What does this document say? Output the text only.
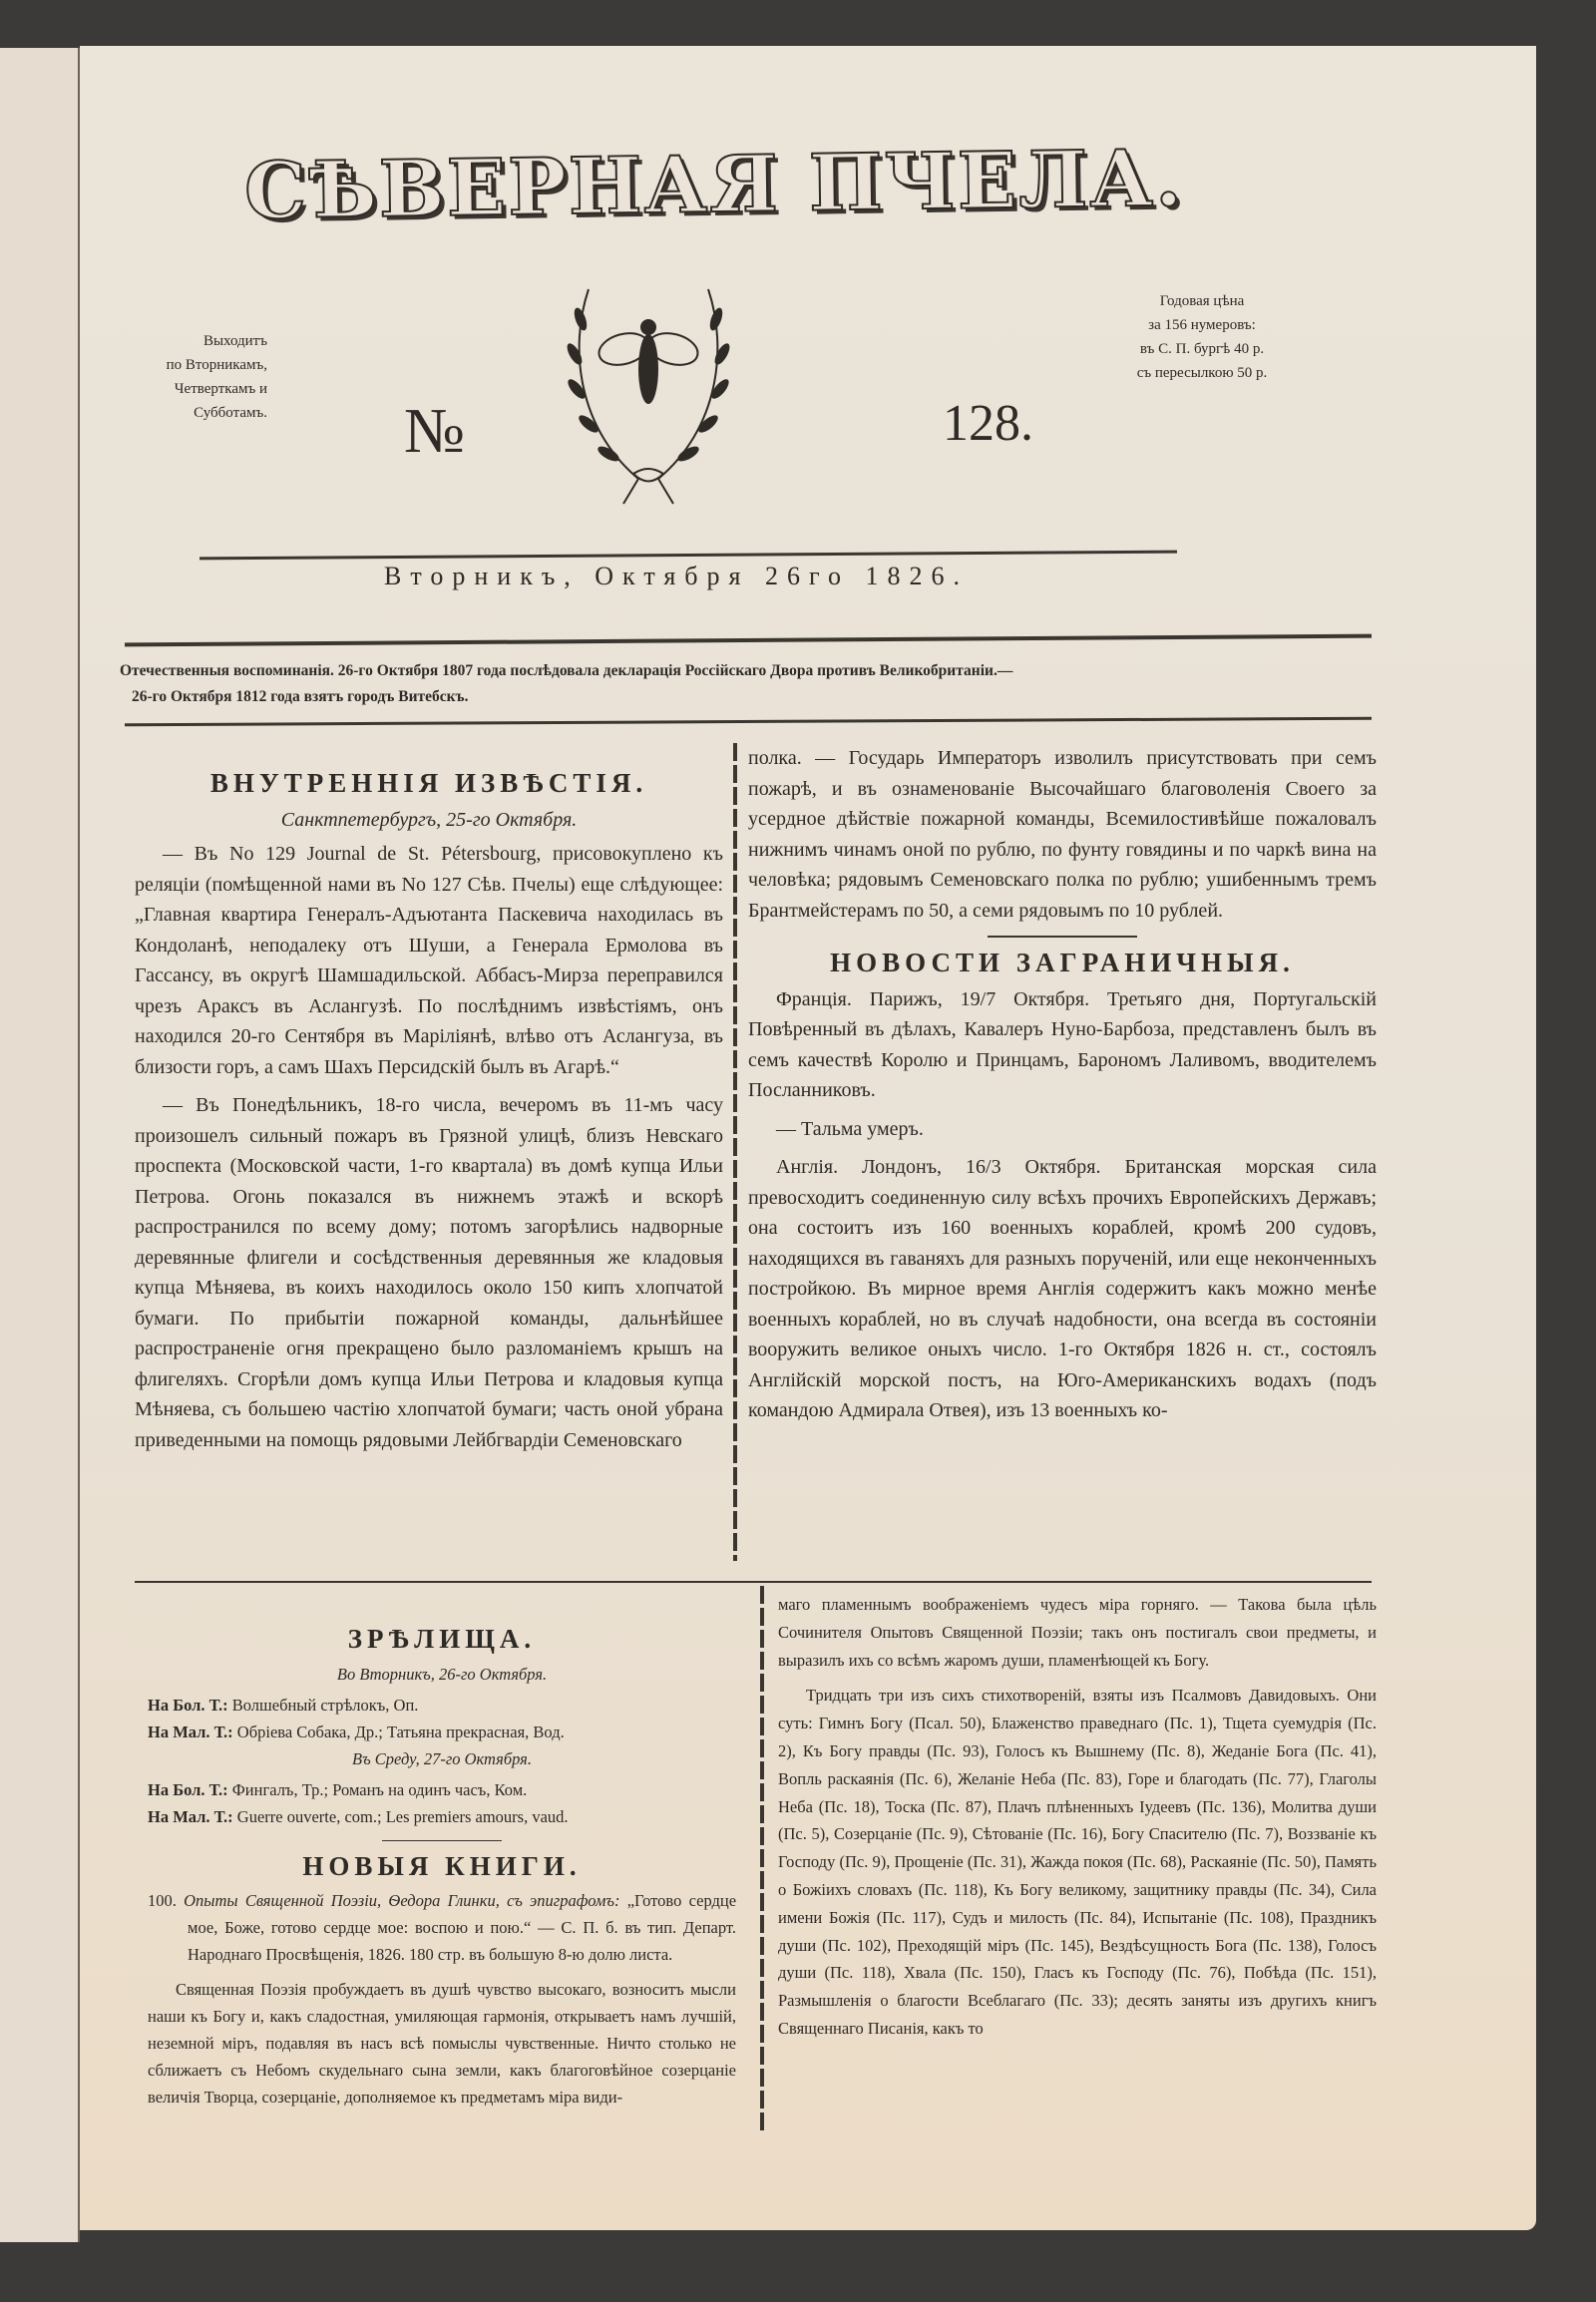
СѢВЕРНАЯ ПЧЕЛА.
Выходитъ
по Вторникамъ,
Четверткамъ и
Субботамъ.
Годовая цѣна
за 156 нумеровъ:
въ С. П. бургѣ 40 р.
съ пересылкою 50 р.
№	128.
Вторникъ, Октября 26го 1826.
Отечественныя воспоминанія. 26-го Октября 1807 года послѣдовала декларація Россійскаго Двора противъ Великобританіи.—
26-го Октября 1812 года взятъ городъ Витебскъ.
ВНУТРЕННІЯ ИЗВѢСТІЯ.
Санктпетербургъ, 25-го Октября.

— Въ No 129 Journal de St. Pétersbourg, присовокуплено къ реляціи (помѣщенной нами въ No 127 Сѣв. Пчелы) еще слѣдующее: „Главная квартира Генералъ-Адъютанта Паскевича находилась въ Кондоланѣ, неподалеку отъ Шуши, а Генерала Ермолова въ Гассансу, въ округѣ Шамшадильской. Аббасъ-Мирза переправился чрезъ Араксъ въ Аслангузѣ. По послѣднимъ извѣстіямъ, онъ находился 20-го Сентября въ Маріліянѣ, влѣво отъ Аслангуза, въ близости горъ, а самъ Шахъ Персидскій былъ въ Агарѣ.“

— Въ Понедѣльникъ, 18-го числа, вечеромъ въ 11-мъ часу произошелъ сильный пожаръ въ Грязной улицѣ, близъ Невскаго проспекта (Московской части, 1-го квартала) въ домѣ купца Ильи Петрова. Огонь показался въ нижнемъ этажѣ и вскорѣ распространился по всему дому; потомъ загорѣлись надворные деревянные флигели и сосѣдственныя деревянныя же кладовыя купца Мѣняева, въ коихъ находилось около 150 кипъ хлопчатой бумаги. По прибытіи пожарной команды, дальнѣйшее распространеніе огня прекращено было разломаніемъ крышъ на флигеляхъ. Сгорѣли домъ купца Ильи Петрова и кладовыя купца Мѣняева, съ большею частію хлопчатой бумаги; часть оной убрана приведенными на помощь рядовыми Лейбгвардіи Семеновскаго

полка. — Государь Императоръ изволилъ присутствовать при семъ пожарѣ, и въ ознаменованіе Высочайшаго благоволенія Своего за усердное дѣйствіе пожарной команды, Всемилостивѣйше пожаловалъ нижнимъ чинамъ оной по рублю, по фунту говядины и по чаркѣ вина на человѣка; рядовымъ Семеновскаго полка по рублю; ушибеннымъ тремъ Брантмейстерамъ по 50, а семи рядовымъ по 10 рублей.

НОВОСТИ ЗАГРАНИЧНЫЯ.

Франція. Парижъ, 19/7 Октября. Третьяго дня, Португальскій Повѣренный въ дѣлахъ, Кавалеръ Нуно-Барбоза, представленъ былъ въ семъ качествѣ Королю и Принцамъ, Барономъ Лаливомъ, вводителемъ Посланниковъ.

— Тальма умеръ.

Англія. Лондонъ, 16/3 Октября. Британская морская сила превосходитъ соединенную силу всѣхъ прочихъ Европейскихъ Державъ; она состоитъ изъ 160 военныхъ кораблей, кромѣ 200 судовъ, находящихся въ гаваняхъ для разныхъ порученій, или еще неконченныхъ постройкою. Въ мирное время Англія содержитъ какъ можно менѣе военныхъ кораблей, но въ случаѣ надобности, она всегда въ состояніи вооружить великое оныхъ число. 1-го Октября 1826 н. ст., состоялъ Англійскій морской постъ, на Юго-Американскихъ водахъ (подъ командою Адмирала Отвея), изъ 13 военныхъ ко-

ЗРѢЛИЩА.
Во Вторникъ, 26-го Октября.

На Бол. Т.: Волшебный стрѣлокъ, Оп.

На Мал. Т.: Обріева Собака, Др.; Татьяна прекрасная, Вод.

Въ Среду, 27-го Октября.

На Бол. Т.: Фингалъ, Тр.; Романъ на одинъ часъ, Ком.

На Мал. Т.: Guerre ouverte, com.; Les premiers amours, vaud.

НОВЫЯ КНИГИ.
100. Опыты Священной Поэзіи, Ѳедора Глинки, съ эпиграфомъ: „Готово сердце мое, Боже, готово сердце мое: воспою и пою.“ — С. П. б. въ тип. Департ. Народнаго Просвѣщенія, 1826. 180 стр. въ большую 8-ю долю листа.

Священная Поэзія пробуждаетъ въ душѣ чувство высокаго, возноситъ мысли наши къ Богу и, какъ сладостная, умиляющая гармонія, открываетъ намъ лучшій, неземной міръ, подавляя въ насъ всѣ помыслы чувственные. Ничто столько не сближаетъ съ Небомъ скудельнаго сына земли, какъ благоговѣйное созерцаніе величія Творца, созерцаніе, дополняемое къ предметамъ міра види-

маго пламеннымъ воображеніемъ чудесъ міра горняго. — Такова была цѣль Сочинителя Опытовъ Священной Поэзіи; такъ онъ постигалъ свои предметы, и выразилъ ихъ со всѣмъ жаромъ души, пламенѣющей къ Богу.

Тридцать три изъ сихъ стихотвореній, взяты изъ Псалмовъ Давидовыхъ. Они суть: Гимнъ Богу (Псал. 50), Блаженство праведнаго (Пс. 1), Тщета суемудрія (Пс. 2), Къ Богу правды (Пс. 93), Голосъ къ Вышнему (Пс. 8), Жеданіе Бога (Пс. 41), Вопль раскаянія (Пс. 6), Желаніе Неба (Пс. 83), Горе и благодать (Пс. 77), Глаголы Неба (Пс. 18), Тоска (Пс. 87), Плачъ плѣненныхъ Іудеевъ (Пс. 136), Молитва души (Пс. 5), Созерцаніе (Пс. 9), Сѣтованіе (Пс. 16), Богу Спасителю (Пс. 7), Воззваніе къ Господу (Пс. 9), Прощеніе (Пс. 31), Жажда покоя (Пс. 68), Раскаяніе (Пс. 50), Память о Божіихъ словахъ (Пс. 118), Къ Богу великому, защитнику правды (Пс. 34), Сила имени Божія (Пс. 117), Судъ и милость (Пс. 84), Испытаніе (Пс. 108), Праздникъ души (Пс. 102), Преходящій міръ (Пс. 145), Вездѣсущность Бога (Пс. 138), Голосъ души (Пс. 118), Хвала (Пс. 150), Гласъ къ Господу (Пс. 76), Побѣда (Пс. 151), Размышленія о благости Всеблагаго (Пс. 33); десять заняты изъ другихъ книгъ Священнаго Писанія, какъ то
